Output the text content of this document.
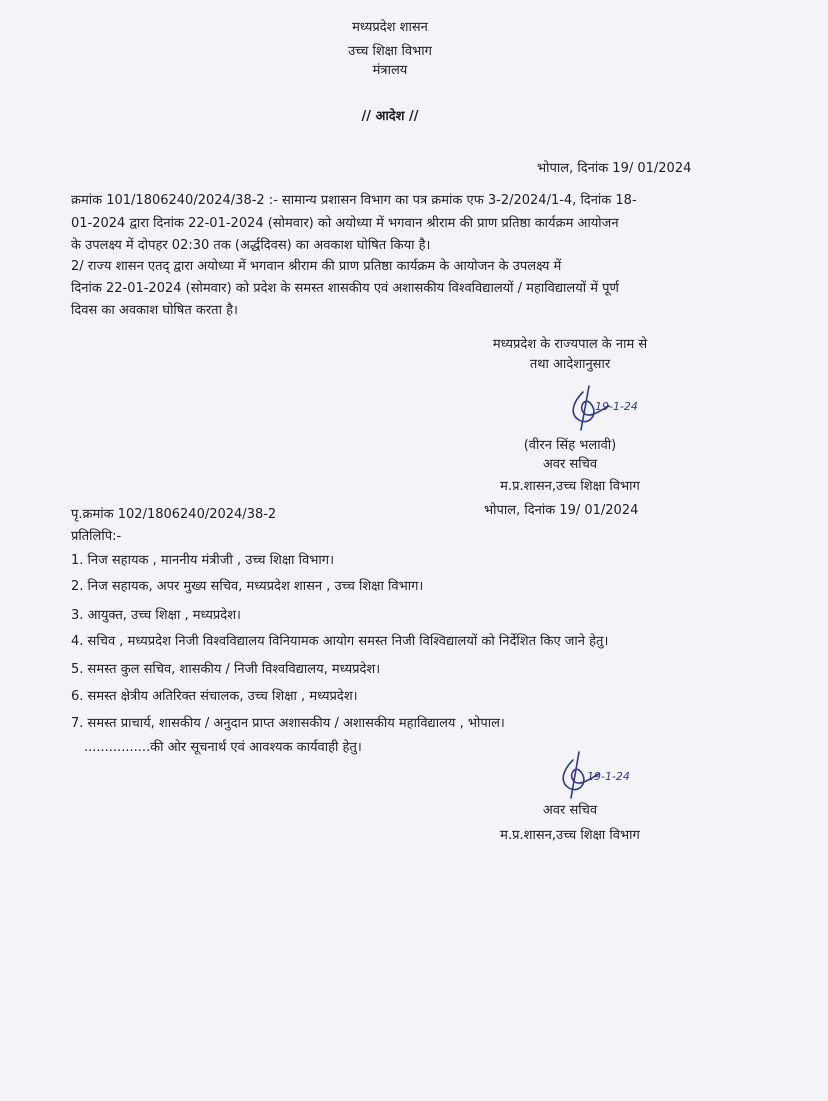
मध्यप्रदेश शासन
उच्च शिक्षा विभाग
मंत्रालय
// आदेश //
भोपाल, दिनांक 19/ 01/2024
क्रमांक 101/1806240/2024/38-2 :- सामान्य प्रशासन विभाग का पत्र क्रमांक एफ 3-2/2024/1-4, दिनांक 18-
01-2024 द्वारा दिनांक 22-01-2024 (सोमवार) को अयोध्या में भगवान श्रीराम की प्राण प्रतिष्ठा कार्यक्रम आयोजन
के उपलक्ष्य में दोपहर 02:30 तक (अर्द्धदिवस) का अवकाश घोषित किया है।
2/ राज्य शासन एतद् द्वारा अयोध्या में भगवान श्रीराम की प्राण प्रतिष्ठा कार्यक्रम के आयोजन के उपलक्ष्य में
दिनांक 22-01-2024 (सोमवार) को प्रदेश के समस्त शासकीय एवं अशासकीय विश्वविद्यालयों / महाविद्यालयों में पूर्ण
दिवस का अवकाश घोषित करता है।
मध्यप्रदेश के राज्यपाल के नाम से
तथा आदेशानुसार
19-1-24
(वीरन सिंह भलावी)
अवर सचिव
म.प्र.शासन,उच्च शिक्षा विभाग
पृ.क्रमांक 102/1806240/2024/38-2	भोपाल, दिनांक 19/ 01/2024
प्रतिलिपि:-
1. निज सहायक , माननीय मंत्रीजी , उच्च शिक्षा विभाग।
2. निज सहायक, अपर मुख्य सचिव, मध्यप्रदेश शासन , उच्च शिक्षा विभाग।
3. आयुक्त, उच्च शिक्षा , मध्यप्रदेश।
4. सचिव , मध्यप्रदेश निजी विश्वविद्यालय विनियामक आयोग समस्त निजी विश्विद्यालयों को निर्देशित किए जाने हेतु।
5. समस्त कुल सचिव, शासकीय / निजी विश्वविद्यालय, मध्यप्रदेश।
6. समस्त क्षेत्रीय अतिरिक्त संचालक, उच्च शिक्षा , मध्यप्रदेश।
7. समस्त प्राचार्य, शासकीय / अनुदान प्राप्त अशासकीय / अशासकीय महाविद्यालय , भोपाल।
................की ओर सूचनार्थ एवं आवश्यक कार्यवाही हेतु।
19-1-24
अवर सचिव
म.प्र.शासन,उच्च शिक्षा विभाग
